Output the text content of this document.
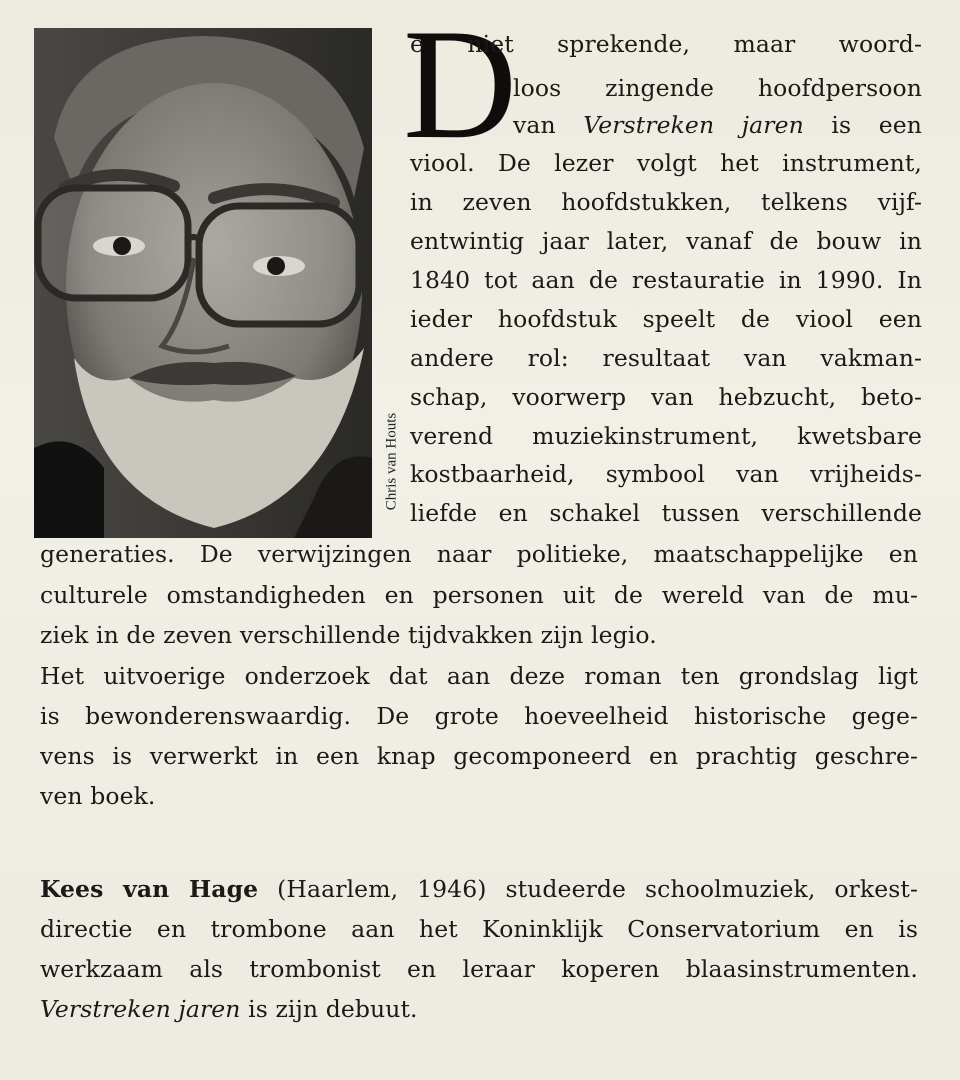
Chris van Houts
D

e niet sprekende, maar woord-

loos zingende hoofdpersoon

van Verstreken jaren is een

viool. De lezer volgt het instrument,

in zeven hoofdstukken, telkens vijf-

entwintig jaar later, vanaf de bouw in

1840 tot aan de restauratie in 1990. In

ieder hoofdstuk speelt de viool een

andere rol: resultaat van vakman-

schap, voorwerp van hebzucht, beto-

verend muziekinstrument, kwetsbare

kostbaarheid, symbool van vrijheids-

liefde en schakel tussen verschillende

generaties. De verwijzingen naar politieke, maatschappelijke en

culturele omstandigheden en personen uit de wereld van de mu-

ziek in de zeven verschillende tijdvakken zijn legio.

Het uitvoerige onderzoek dat aan deze roman ten grondslag ligt

is bewonderenswaardig. De grote hoeveelheid historische gege-

vens is verwerkt in een knap gecomponeerd en prachtig geschre-

ven boek.

Kees van Hage (Haarlem, 1946) studeerde schoolmuziek, orkest-

directie en trombone aan het Koninklijk Conservatorium en is

werkzaam als trombonist en leraar koperen blaasinstrumenten.

Verstreken jaren is zijn debuut.
